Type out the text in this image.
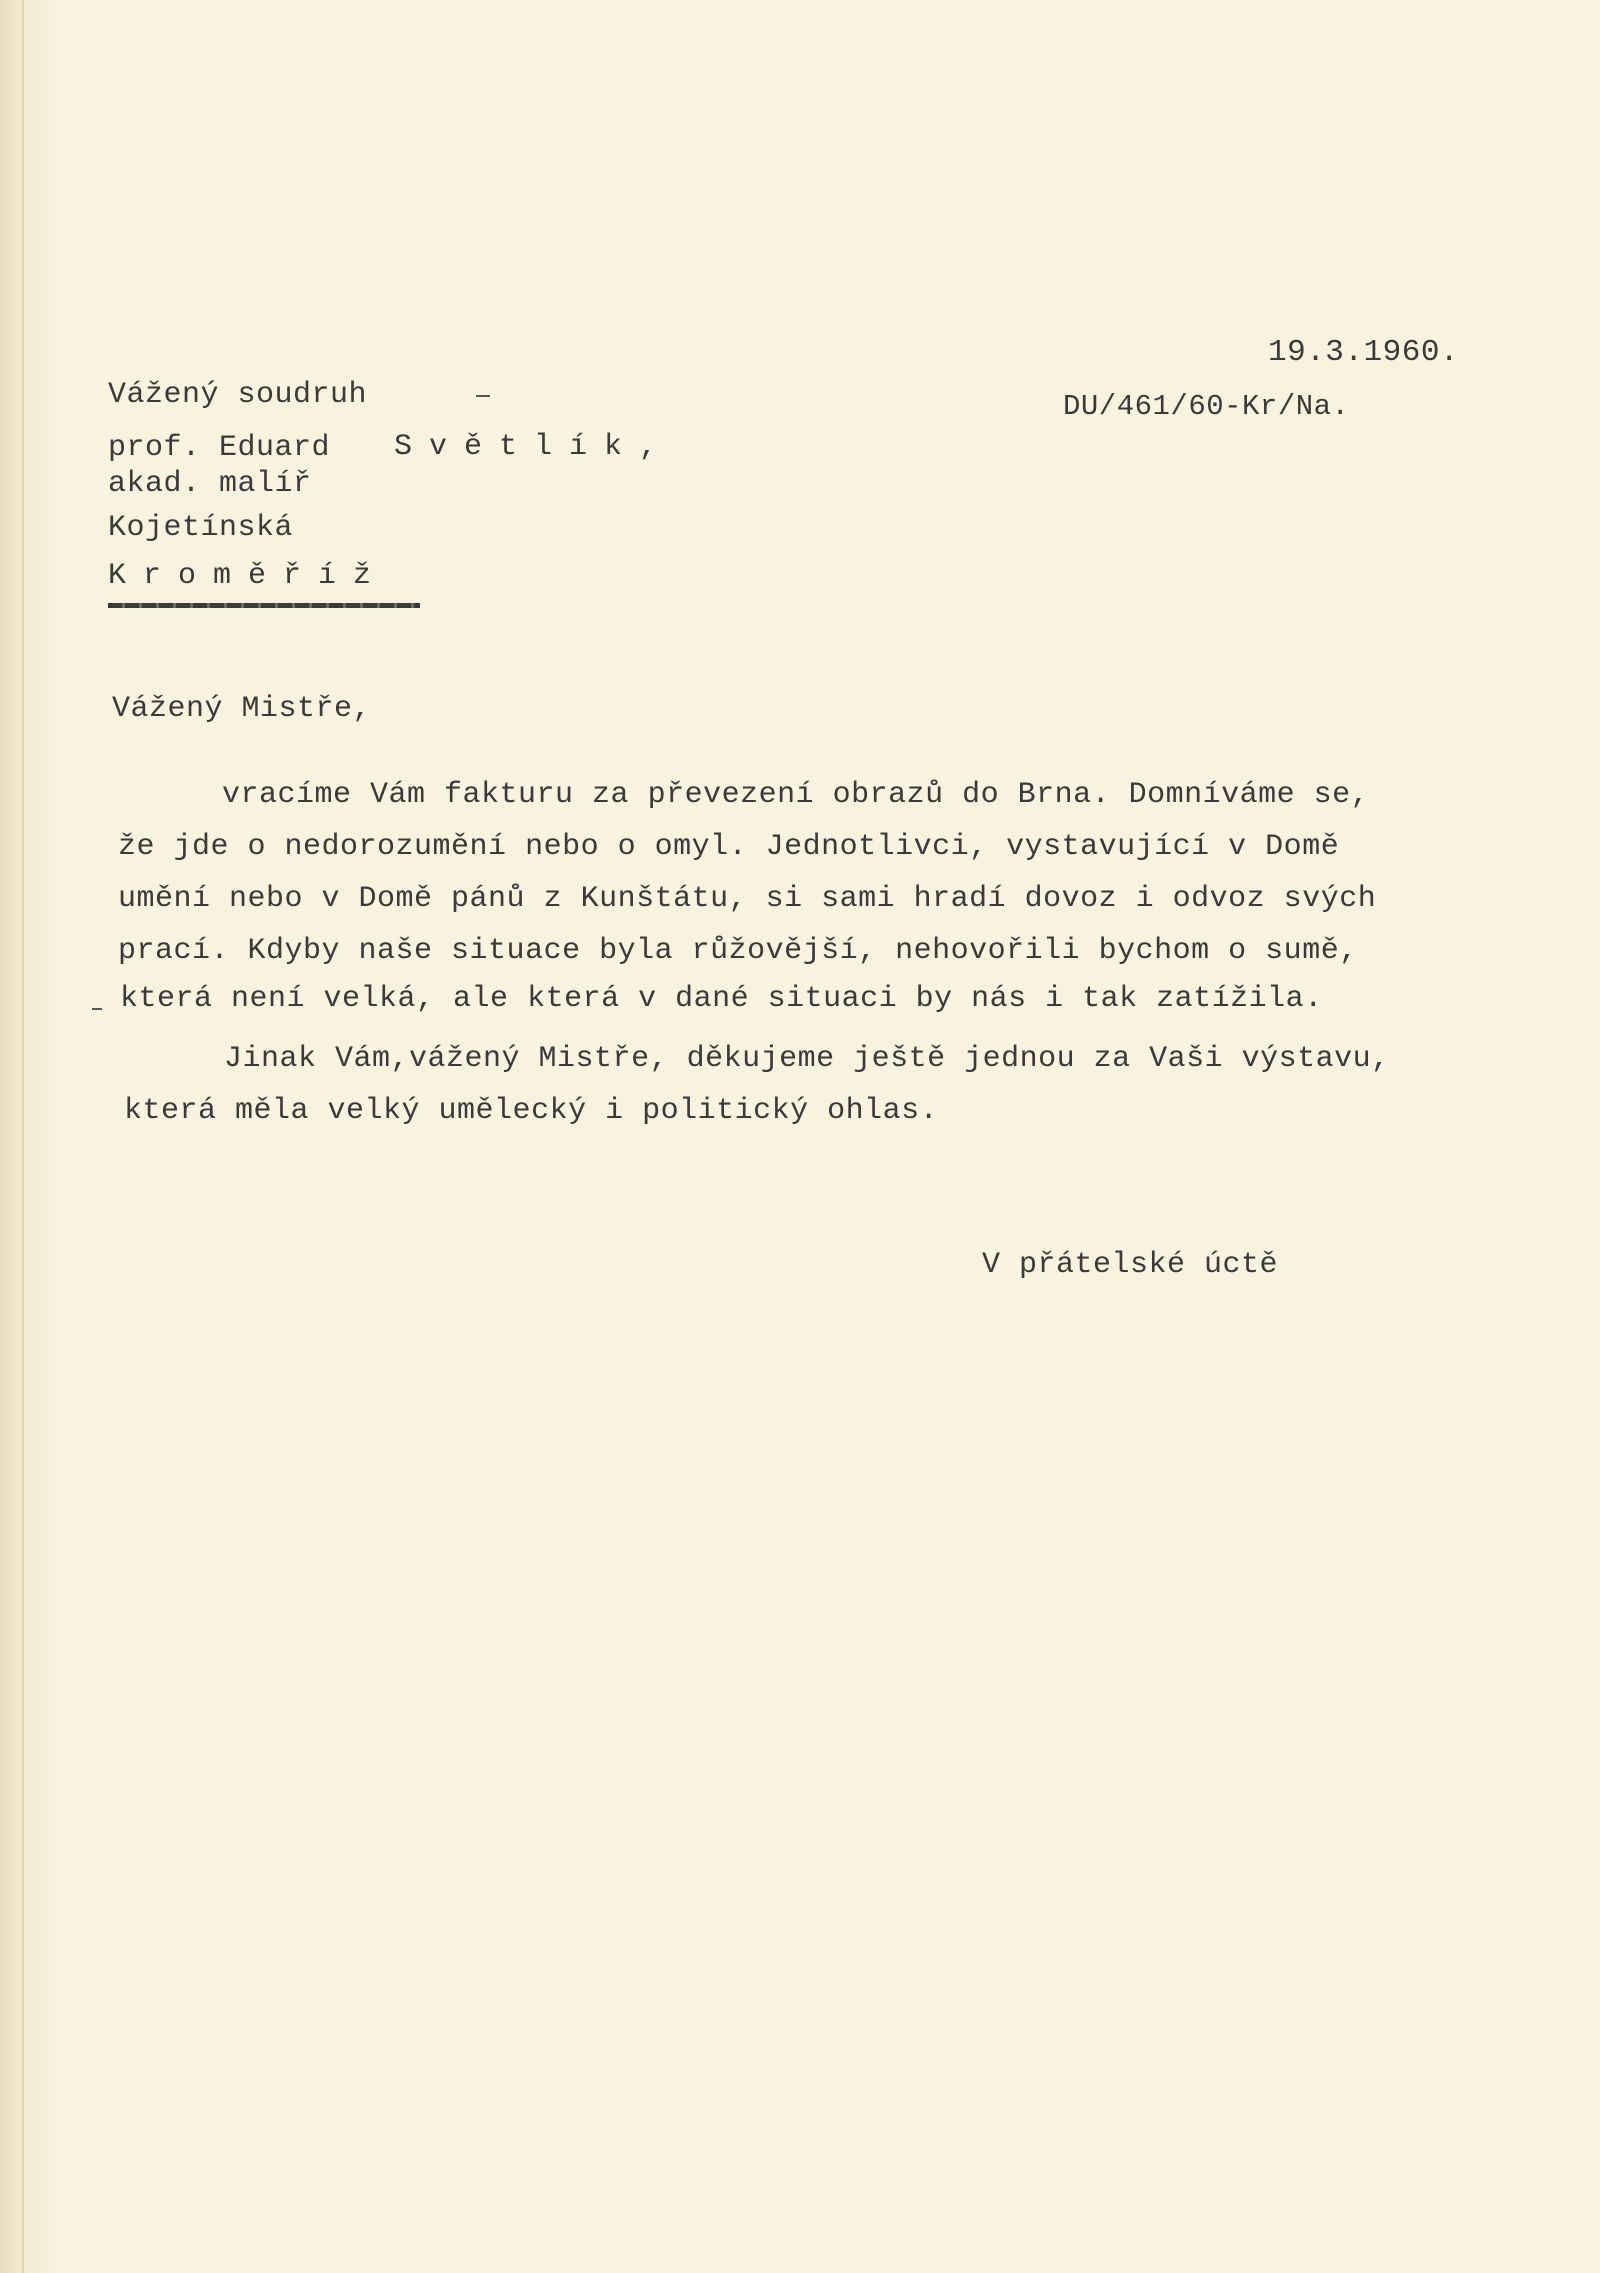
19.3.1960.
DU/461/60-Kr/Na.
Vážený soudruh
prof. Eduard Světlík,
akad. malíř
Kojetínská
Kroměříž
Vážený Mistře,
vracíme Vám fakturu za převezení obrazů do Brna. Domníváme se,
že jde o nedorozumění nebo o omyl. Jednotlivci, vystavující v Domě
umění nebo v Domě pánů z Kunštátu, si sami hradí dovoz i odvoz svých
prací. Kdyby naše situace byla růžovější, nehovořili bychom o sumě,
která není velká, ale která v dané situaci by nás i tak zatížila.
Jinak Vám,vážený Mistře, děkujeme ještě jednou za Vaši výstavu,
která měla velký umělecký i politický ohlas.
V přátelské úctě
